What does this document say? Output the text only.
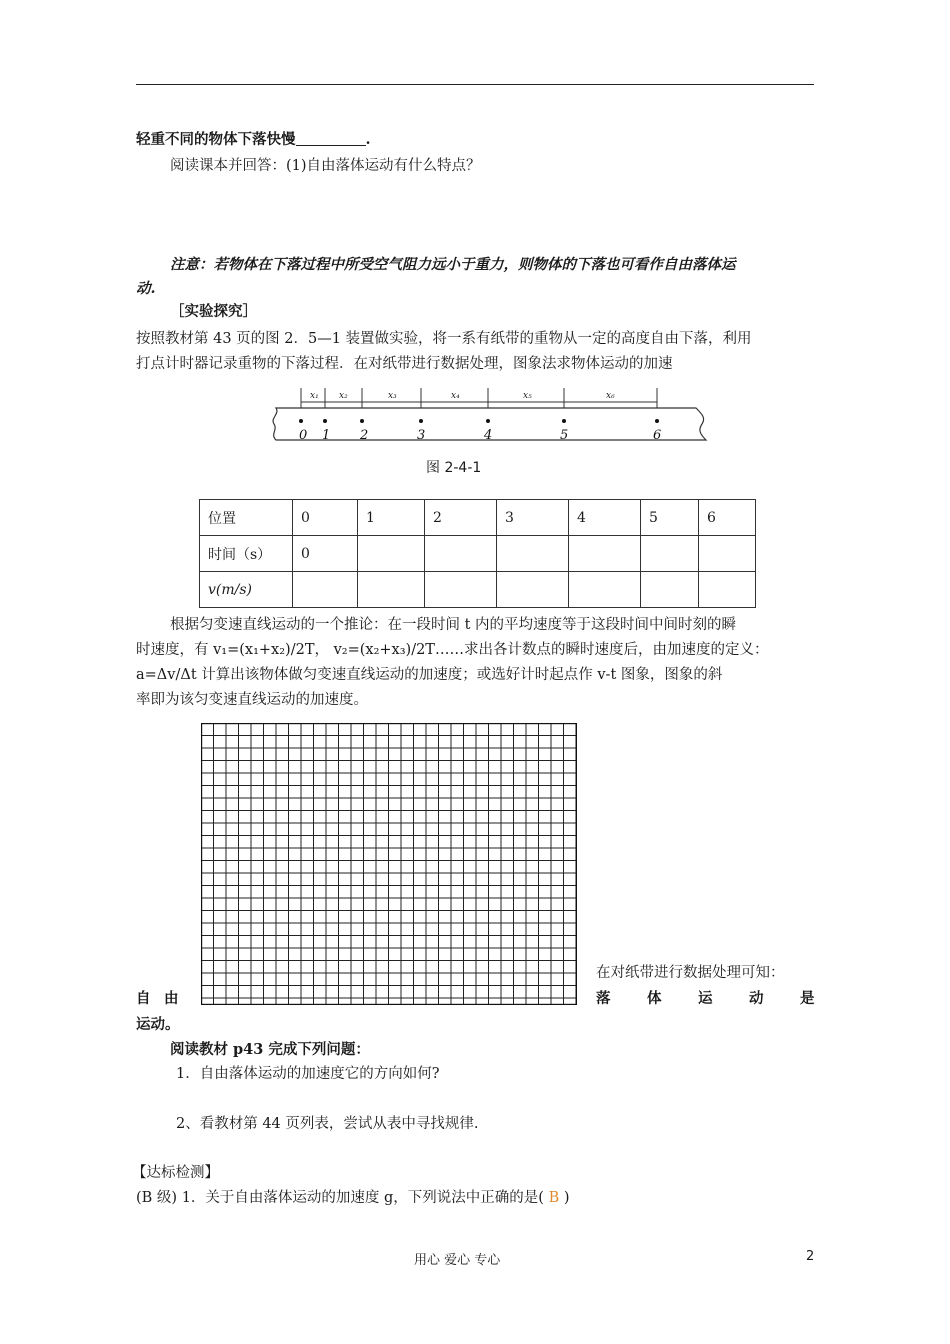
轻重不同的物体下落快慢	.
阅读课本并回答：(1)自由落体运动有什么特点？
注意：若物体在下落过程中所受空气阻力远小于重力，则物体的下落也可看作自由落体运
动.
［实验探究］
按照教材第 43 页的图 2．5—1 装置做实验，将一系有纸带的重物从一定的高度自由下落，利用
打点计时器记录重物的下落过程．在对纸带进行数据处理，图象法求物体运动的加速
x₁ x₂	x₃	x₄	x₅	x₆
0 1 2	3	4	5	6
图 2-4-1
位置	0	1	2	3	4	5	6
时间（s）	0						
v(m/s)							
根据匀变速直线运动的一个推论：在一段时间 t 内的平均速度等于这段时间中间时刻的瞬
时速度，有 v₁=(x₁+x₂)/2T， v₂=(x₂+x₃)/2T……求出各计数点的瞬时速度后，由加速度的定义：
a=Δv/Δt 计算出该物体做匀变速直线运动的加速度；或选好计时起点作 v-t 图象，图象的斜
率即为该匀变速直线运动的加速度。
在对纸带进行数据处理可知：
自 由	落	体	运	动	是
运动。
阅读教材 p43 完成下列问题：
1．自由落体运动的加速度它的方向如何?
2、看教材第 44 页列表，尝试从表中寻找规律.
【达标检测】
(B 级) 1．关于自由落体运动的加速度 g，下列说法中正确的是( B )
用心 爱心 专心	2
